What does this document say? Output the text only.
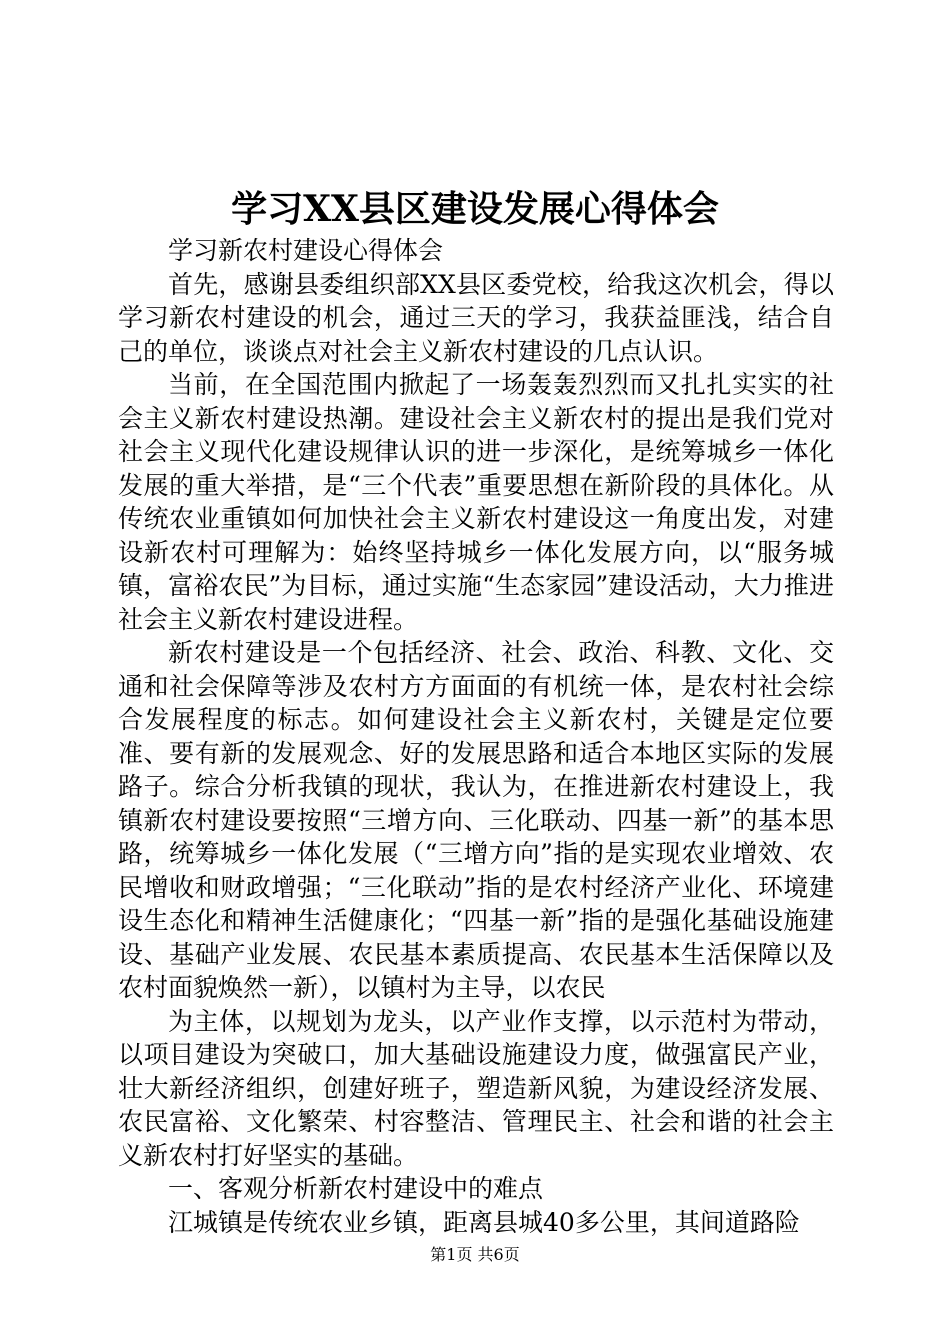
学习XX县区建设发展心得体会

学习新农村建设心得体会

首先，感谢县委组织部XX县区委党校，给我这次机会，得以学习新农村建设的机会，通过三天的学习，我获益匪浅，结合自己的单位，谈谈点对社会主义新农村建设的几点认识。

当前，在全国范围内掀起了一场轰轰烈烈而又扎扎实实的社会主义新农村建设热潮。建设社会主义新农村的提出是我们党对社会主义现代化建设规律认识的进一步深化，是统筹城乡一体化发展的重大举措，是“三个代表”重要思想在新阶段的具体化。从传统农业重镇如何加快社会主义新农村建设这一角度出发，对建设新农村可理解为：始终坚持城乡一体化发展方向，以“服务城镇，富裕农民”为目标，通过实施“生态家园”建设活动，大力推进社会主义新农村建设进程。

新农村建设是一个包括经济、社会、政治、科教、文化、交通和社会保障等涉及农村方方面面的有机统一体，是农村社会综合发展程度的标志。如何建设社会主义新农村，关键是定位要准、要有新的发展观念、好的发展思路和适合本地区实际的发展路子。综合分析我镇的现状，我认为，在推进新农村建设上，我镇新农村建设要按照“三增方向、三化联动、四基一新”的基本思路，统筹城乡一体化发展（“三增方向”指的是实现农业增效、农民增收和财政增强；“三化联动”指的是农村经济产业化、环境建设生态化和精神生活健康化；“四基一新”指的是强化基础设施建设、基础产业发展、农民基本素质提高、农民基本生活保障以及农村面貌焕然一新），以镇村为主导，以农民

为主体，以规划为龙头，以产业作支撑，以示范村为带动，以项目建设为突破口，加大基础设施建设力度，做强富民产业，壮大新经济组织，创建好班子，塑造新风貌，为建设经济发展、农民富裕、文化繁荣、村容整洁、管理民主、社会和谐的社会主义新农村打好坚实的基础。

一、客观分析新农村建设中的难点

江城镇是传统农业乡镇，距离县城40多公里，其间道路险

第1页 共6页
